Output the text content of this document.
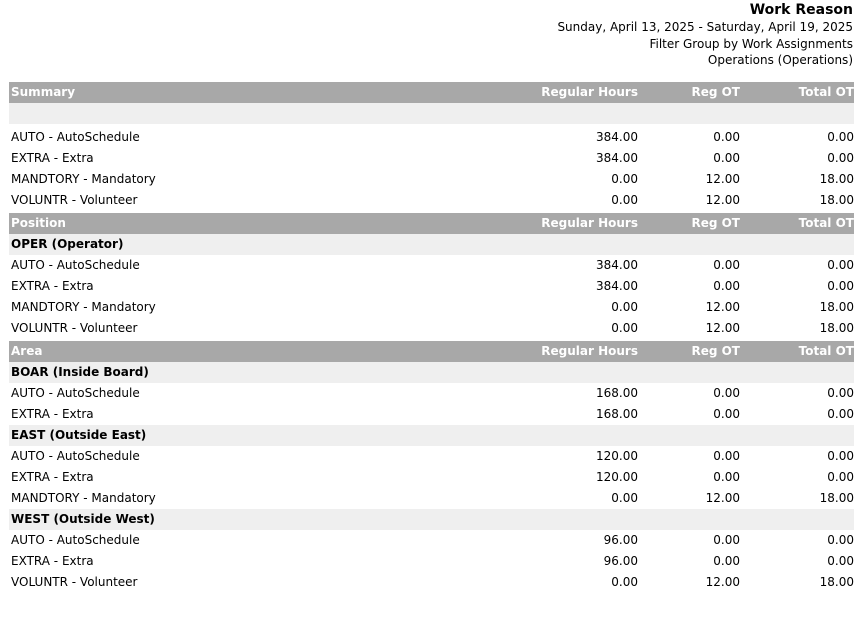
Work Reason
Sunday, April 13, 2025 - Saturday, April 19, 2025
Filter Group by Work Assignments
Operations (Operations)
Summary	Regular Hours	Reg OT	Total OT
AUTO - AutoSchedule	384.00	0.00	0.00
EXTRA - Extra	384.00	0.00	0.00
MANDTORY - Mandatory	0.00	12.00	18.00
VOLUNTR - Volunteer	0.00	12.00	18.00
Position	Regular Hours	Reg OT	Total OT
OPER (Operator)
AUTO - AutoSchedule	384.00	0.00	0.00
EXTRA - Extra	384.00	0.00	0.00
MANDTORY - Mandatory	0.00	12.00	18.00
VOLUNTR - Volunteer	0.00	12.00	18.00
Area	Regular Hours	Reg OT	Total OT
BOAR (Inside Board)
AUTO - AutoSchedule	168.00	0.00	0.00
EXTRA - Extra	168.00	0.00	0.00
EAST (Outside East)
AUTO - AutoSchedule	120.00	0.00	0.00
EXTRA - Extra	120.00	0.00	0.00
MANDTORY - Mandatory	0.00	12.00	18.00
WEST (Outside West)
AUTO - AutoSchedule	96.00	0.00	0.00
EXTRA - Extra	96.00	0.00	0.00
VOLUNTR - Volunteer	0.00	12.00	18.00
